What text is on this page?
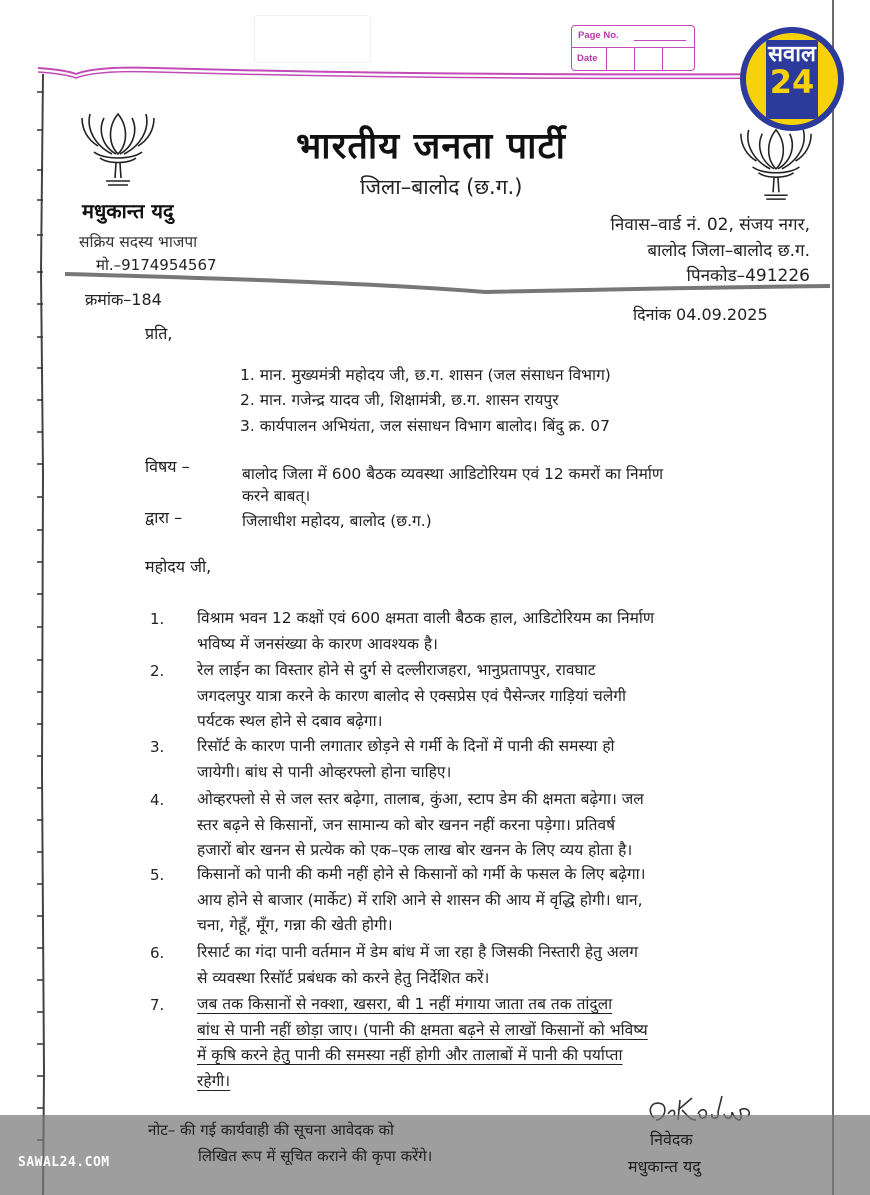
Page No.
Date	सवाल
24
भारतीय जनता पार्टी
जिला–बालोद (छ.ग.)
मधुकान्त यदु
सक्रिय सदस्य भाजपा
मो.–9174954567
निवास–वार्ड नं. 02, संजय नगर,
बालोद जिला–बालोद छ.ग.
पिनकोड–491226
क्रमांक–184
दिनांक 04.09.2025
प्रति,
1. मान. मुख्यमंत्री महोदय जी, छ.ग. शासन (जल संसाधन विभाग)
2. मान. गजेन्द्र यादव जी, शिक्षामंत्री, छ.ग. शासन रायपुर
3. कार्यपालन अभियंता, जल संसाधन विभाग बालोद। बिंदु क्र. 07
विषय –	बालोद जिला में 600 बैठक व्यवस्था आडिटोरियम एवं 12 कमरों का निर्माण
करने बाबत्।
द्वारा –	जिलाधीश महोदय, बालोद (छ.ग.)
महोदय जी,
1. विश्राम भवन 12 कक्षों एवं 600 क्षमता वाली बैठक हाल, आडिटोरियम का निर्माण
भविष्य में जनसंख्या के कारण आवश्यक है।
2. रेल लाईन का विस्तार होने से दुर्ग से दल्लीराजहरा, भानुप्रतापपुर, रावघाट
जगदलपुर यात्रा करने के कारण बालोद से एक्सप्रेस एवं पैसेन्जर गाड़ियां चलेगी
पर्यटक स्थल होने से दबाव बढ़ेगा।
3. रिसॉर्ट के कारण पानी लगातार छोड़ने से गर्मी के दिनों में पानी की समस्या हो
जायेगी। बांध से पानी ओव्हरफ्लो होना चाहिए।
4. ओव्हरफ्लो से से जल स्तर बढ़ेगा, तालाब, कुंआ, स्टाप डेम की क्षमता बढ़ेगा। जल
स्तर बढ़ने से किसानों, जन सामान्य को बोर खनन नहीं करना पड़ेगा। प्रतिवर्ष
हजारों बोर खनन से प्रत्येक को एक–एक लाख बोर खनन के लिए व्यय होता है।
5. किसानों को पानी की कमी नहीं होने से किसानों को गर्मी के फसल के लिए बढ़ेगा।
आय होने से बाजार (मार्केट) में राशि आने से शासन की आय में वृद्धि होगी। धान,
चना, गेहूँ, मूँग, गन्ना की खेती होगी।
6. रिसार्ट का गंदा पानी वर्तमान में डेम बांध में जा रहा है जिसकी निस्तारी हेतु अलग
से व्यवस्था रिसॉर्ट प्रबंधक को करने हेतु निर्देशित करें।
7. जब तक किसानों से नक्शा, खसरा, बी 1 नहीं मंगाया जाता तब तक तांदुला
बांध से पानी नहीं छोड़ा जाए। (पानी की क्षमता बढ़ने से लाखों किसानों को भविष्य
में कृषि करने हेतु पानी की समस्या नहीं होगी और तालाबों में पानी की पर्याप्ता
रहेगी।
नोट– की गई कार्यवाही की सूचना आवेदक को
लिखित रूप में सूचित कराने की कृपा करेंगे।
निवेदक
मधुकान्त यदु
SAWAL24.COM
